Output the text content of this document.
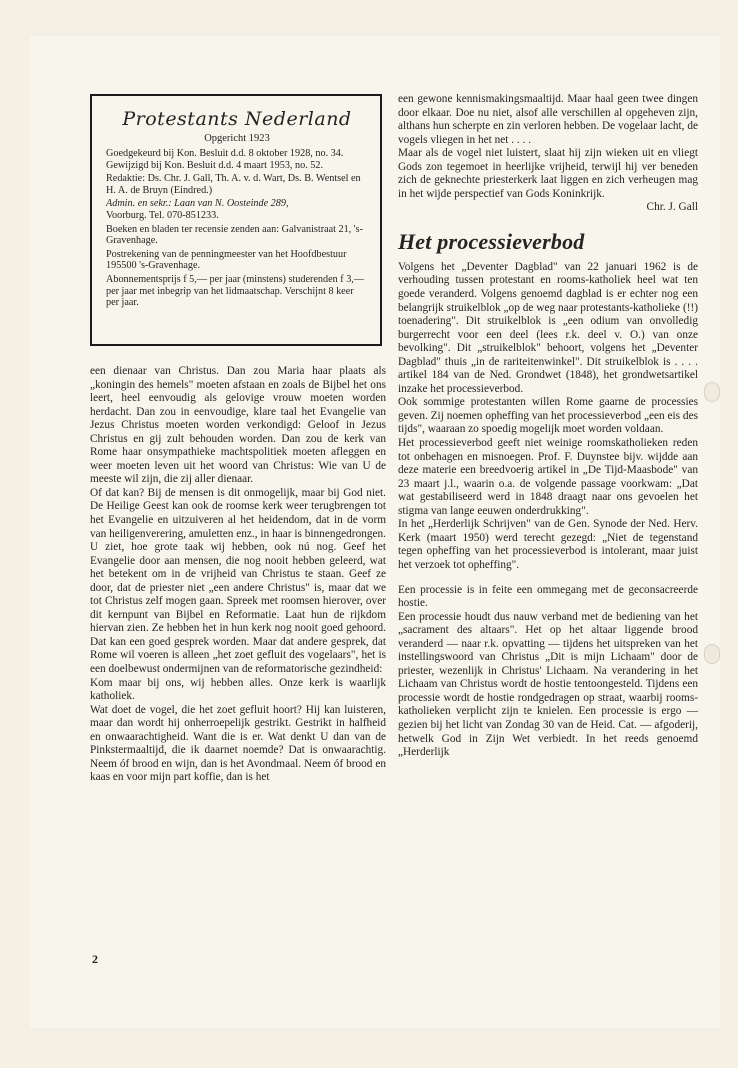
Protestants Nederland
Opgericht 1923

Goedgekeurd bij Kon. Besluit d.d. 8 oktober 1928, no. 34. Gewijzigd bij Kon. Besluit d.d. 4 maart 1953, no. 52.

Redaktie: Ds. Chr. J. Gall, Th. A. v. d. Wart, Ds. B. Wentsel en H. A. de Bruyn (Eindred.)

Admin. en sekr.: Laan van N. Oosteinde 289,

Voorburg. Tel. 070-851233.

Boeken en bladen ter recensie zenden aan: Galvanistraat 21, 's-Gravenhage.

Postrekening van de penningmeester van het Hoofdbestuur 195500 's-Gravenhage.

Abonnementsprijs f 5,— per jaar (minstens) studerenden f 3,— per jaar met inbegrip van het lidmaatschap. Verschijnt 8 keer per jaar.

een dienaar van Christus. Dan zou Maria haar plaats als „koningin des hemels" moeten afstaan en zoals de Bijbel het ons leert, heel eenvoudig als gelovige vrouw moeten worden herdacht. Dan zou in eenvoudige, klare taal het Evangelie van Jezus Christus moeten worden verkondigd: Geloof in Jezus Christus en gij zult behouden worden. Dan zou de kerk van Rome haar onsympathieke machtspolitiek moeten afleggen en weer moeten leven uit het woord van Christus: Wie van U de meeste wil zijn, die zij aller dienaar.

Of dat kan? Bij de mensen is dit onmogelijk, maar bij God niet. De Heilige Geest kan ook de roomse kerk weer terugbrengen tot het Evangelie en uitzuiveren al het heidendom, dat in de vorm van heiligenverering, amuletten enz., in haar is binnengedrongen. U ziet, hoe grote taak wij hebben, ook nú nog. Geef het Evangelie door aan mensen, die nog nooit hebben geleerd, wat het betekent om in de vrijheid van Christus te staan. Geef ze door, dat de priester niet „een andere Christus" is, maar dat we tot Christus zelf mogen gaan. Spreek met roomsen hierover, over dit kernpunt van Bijbel en Reformatie. Laat hun de rijkdom hiervan zien. Ze hebben het in hun kerk nog nooit goed gehoord. Dat kan een goed gesprek worden. Maar dat andere gesprek, dat Rome wil voeren is alleen „het zoet gefluit des vogelaars", het is een doelbewust ondermijnen van de reformatorische gezindheid:

Kom maar bij ons, wij hebben alles. Onze kerk is waarlijk katholiek.

Wat doet de vogel, die het zoet gefluit hoort? Hij kan luisteren, maar dan wordt hij onherroepelijk gestrikt. Gestrikt in halfheid en onwaarachtigheid. Want die is er. Wat denkt U dan van de Pinkstermaaltijd, die ik daarnet noemde? Dat is onwaarachtig. Neem óf brood en wijn, dan is het Avondmaal. Neem óf brood en kaas en voor mijn part koffie, dan is het

een gewone kennismakingsmaaltijd. Maar haal geen twee dingen door elkaar. Doe nu niet, alsof alle verschillen al opgeheven zijn, althans hun scherpte en zin verloren hebben. De vogelaar lacht, de vogels vliegen in het net . . . .

Maar als de vogel niet luistert, slaat hij zijn wieken uit en vliegt Gods zon tegemoet in heerlijke vrijheid, terwijl hij ver beneden zich de geknechte priesterkerk laat liggen en zich verheugen mag in het wijde perspectief van Gods Koninkrijk.

Chr. J. Gall

Het processieverbod

Volgens het „Deventer Dagblad" van 22 januari 1962 is de verhouding tussen protestant en rooms-katholiek heel wat ten goede veranderd. Volgens genoemd dagblad is er echter nog een belangrijk struikelblok „op de weg naar protestants-katholieke (!!) toenadering". Dit struikelblok is „een odium van onvolledig burgerrecht voor een deel (lees r.k. deel v. O.) van onze bevolking". Dit „struikelblok" behoort, volgens het „Deventer Dagblad" thuis „in de rariteitenwinkel". Dit struikelblok is . . . . artikel 184 van de Ned. Grondwet (1848), het grondwetsartikel inzake het processieverbod.

Ook sommige protestanten willen Rome gaarne de processies geven. Zij noemen opheffing van het processieverbod „een eis des tijds", waaraan zo spoedig mogelijk moet worden voldaan.

Het processieverbod geeft niet weinige roomskatholieken reden tot onbehagen en misnoegen. Prof. F. Duynstee bijv. wijdde aan deze materie een breedvoerig artikel in „De Tijd-Maasbode" van 23 maart j.l., waarin o.a. de volgende passage voorkwam: „Dat wat gestabiliseerd werd in 1848 draagt naar ons gevoelen het stigma van lange eeuwen onderdrukking".

In het „Herderlijk Schrijven" van de Gen. Synode der Ned. Herv. Kerk (maart 1950) werd terecht gezegd: „Niet de tegenstand tegen opheffing van het processieverbod is intolerant, maar juist het verzoek tot opheffing".

Een processie is in feite een ommegang met de geconsacreerde hostie.

Een processie houdt dus nauw verband met de bediening van het „sacrament des altaars". Het op het altaar liggende brood veranderd — naar r.k. opvatting — tijdens het uitspreken van het instellingswoord van Christus „Dit is mijn Lichaam" door de priester, wezenlijk in Christus' Lichaam. Na verandering in het Lichaam van Christus wordt de hostie tentoongesteld. Tijdens een processie wordt de hostie rondgedragen op straat, waarbij rooms-katholieken verplicht zijn te knielen. Een processie is ergo — gezien bij het licht van Zondag 30 van de Heid. Cat. — afgoderij, hetwelk God in Zijn Wet verbiedt. In het reeds genoemd „Herderlijk

2
